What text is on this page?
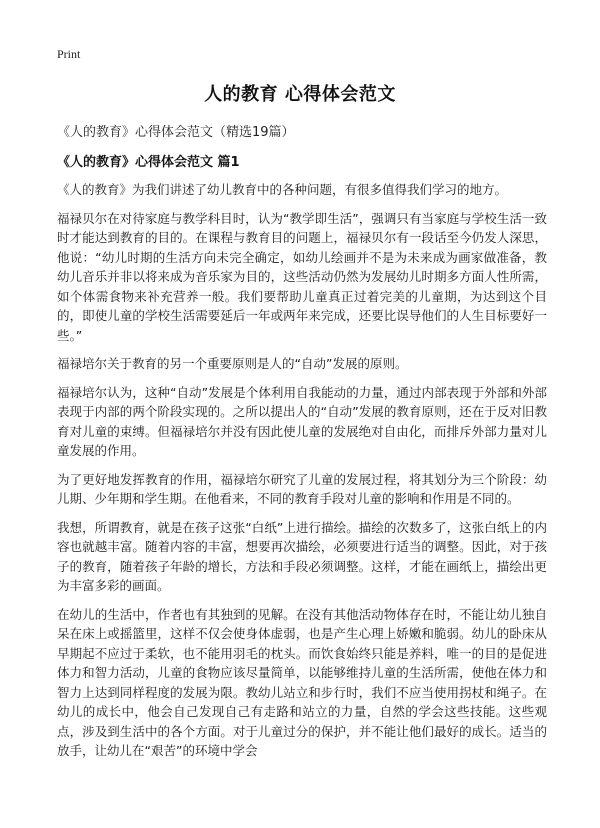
Print
人的教育 心得体会范文

《人的教育》心得体会范文（精选19篇）

《人的教育》心得体会范文 篇1

《人的教育》为我们讲述了幼儿教育中的各种问题，有很多值得我们学习的地方。

福禄贝尔在对待家庭与教学科目时，认为“教学即生活”，强调只有当家庭与学校生活一致时才能达到教育的目的。在课程与教育目的问题上，福禄贝尔有一段话至今仍发人深思，他说：“幼儿时期的生活方向未完全确定，如幼儿绘画并不是为未来成为画家做准备，教幼儿音乐并非以将来成为音乐家为目的，这些活动仍然为发展幼儿时期多方面人性所需，如个体需食物来补充营养一般。我们要帮助儿童真正过着完美的儿童期，为达到这个目的，即使儿童的学校生活需要延后一年或两年来完成，还要比误导他们的人生目标要好一些。”

福禄培尔关于教育的另一个重要原则是人的“自动”发展的原则。

福禄培尔认为，这种“自动”发展是个体利用自我能动的力量，通过内部表现于外部和外部表现于内部的两个阶段实现的。之所以提出人的“自动”发展的教育原则，还在于反对旧教育对儿童的束缚。但福禄培尔并没有因此使儿童的发展绝对自由化，而排斥外部力量对儿童发展的作用。

为了更好地发挥教育的作用，福禄培尔研究了儿童的发展过程，将其划分为三个阶段：幼儿期、少年期和学生期。在他看来，不同的教育手段对儿童的影响和作用是不同的。

我想，所谓教育，就是在孩子这张“白纸”上进行描绘。描绘的次数多了，这张白纸上的内容也就越丰富。随着内容的丰富，想要再次描绘，必须要进行适当的调整。因此，对于孩子的教育，随着孩子年龄的增长，方法和手段必须调整。这样，才能在画纸上，描绘出更为丰富多彩的画面。

在幼儿的生活中，作者也有其独到的见解。在没有其他活动物体存在时，不能让幼儿独自呆在床上或摇篮里，这样不仅会使身体虚弱，也是产生心理上娇嫩和脆弱。幼儿的卧床从早期起不应过于柔软，也不能用羽毛的枕头。而饮食始终只能是养料，唯一的目的是促进体力和智力活动，儿童的食物应该尽量简单，以能够维持儿童的生活所需，使他在体力和智力上达到同样程度的发展为限。教幼儿站立和步行时，我们不应当使用拐杖和绳子。在幼儿的成长中，他会自己发现自己有走路和站立的力量，自然的学会这些技能。这些观点，涉及到生活中的各个方面。对于儿童过分的保护，并不能让他们最好的成长。适当的放手，让幼儿在“艰苦”的环境中学会
